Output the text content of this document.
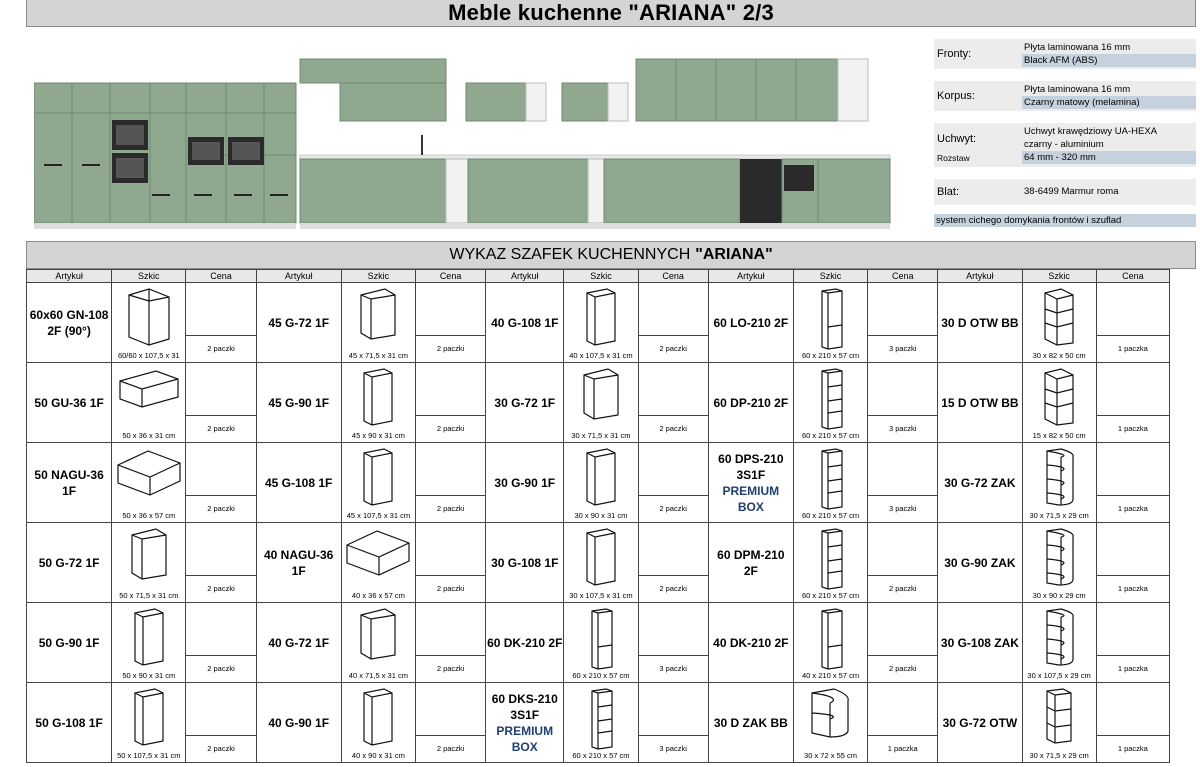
Meble kuchenne "ARIANA" 2/3
Fronty:
Płyta laminowana 16 mm
Black AFM (ABS)
Korpus:
Płyta laminowana 16 mm
Czarny matowy (melamina)
Uchwyt:
Rozstaw
Uchwyt krawędziowy UA-HEXA
czarny - aluminium
64 mm - 320 mm
Blat:	38-6499 Marmur roma
system cichego domykania frontów i szuflad
WYKAZ SZAFEK KUCHENNYCH "ARIANA"
Artykuł	Szkic	Cena	Artykuł	Szkic	Cena	Artykuł	Szkic	Cena	Artykuł	Szkic	Cena	Artykuł	Szkic	Cena
60x60 GN-108 2F (90°)	60/60 x 107,5 x 31	2 paczki	45 G-72 1F	45 x 71,5 x 31 cm	2 paczki	40 G-108 1F	40 x 107,5 x 31 cm	2 paczki	60 LO-210 2F	60 x 210 x 57 cm	3 paczki	30 D OTW BB	30 x 82 x 50 cm	1 paczka

50 GU-36 1F	50 x 36 x 31 cm	2 paczki	45 G-90 1F	45 x 90 x 31 cm	2 paczki	30 G-72 1F	30 x 71,5 x 31 cm	2 paczki	60 DP-210 2F	60 x 210 x 57 cm	3 paczki	15 D OTW BB	15 x 82 x 50 cm	1 paczka

50 NAGU-36 1F	50 x 36 x 57 cm	2 paczki	45 G-108 1F	45 x 107,5 x 31 cm	2 paczki	30 G-90 1F	30 x 90 x 31 cm	2 paczki	60 DPS-210 3S1F
PREMIUM BOX	60 x 210 x 57 cm	3 paczki	30 G-72 ZAK	30 x 71,5 x 29 cm	1 paczka

50 G-72 1F	50 x 71,5 x 31 cm	2 paczki	40 NAGU-36 1F	40 x 36 x 57 cm	2 paczki	30 G-108 1F	30 x 107,5 x 31 cm	2 paczki	60 DPM-210 2F	60 x 210 x 57 cm	2 paczki	30 G-90 ZAK	30 x 90 x 29 cm	1 paczka

50 G-90 1F	50 x 90 x 31 cm	2 paczki	40 G-72 1F	40 x 71,5 x 31 cm	2 paczki	60 DK-210 2F	60 x 210 x 57 cm	3 paczki	40 DK-210 2F	40 x 210 x 57 cm	2 paczki	30 G-108 ZAK	30 x 107,5 x 29 cm	1 paczka

50 G-108 1F	50 x 107,5 x 31 cm	2 paczki	40 G-90 1F	40 x 90 x 31 cm	2 paczki	60 DKS-210 3S1F
PREMIUM BOX	60 x 210 x 57 cm	3 paczki	30 D ZAK BB	30 x 72 x 55 cm	1 paczka	30 G-72 OTW	30 x 71,5 x 29 cm	1 paczka
